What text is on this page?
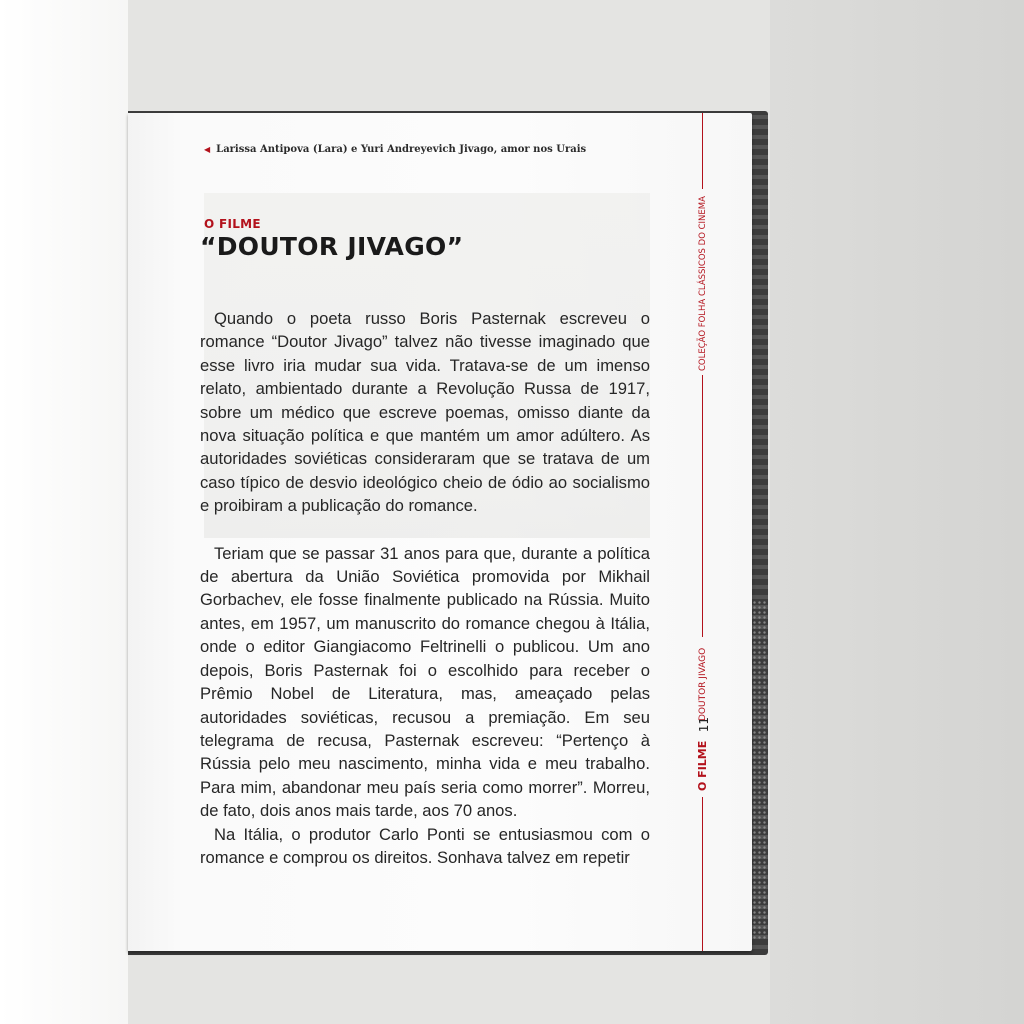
◀ Larissa Antipova (Lara) e Yuri Andreyevich Jivago, amor nos Urais
O FILME
“DOUTOR JIVAGO”

Quando o poeta russo Boris Pasternak escreveu o romance “Doutor Jivago” talvez não tivesse imaginado que esse livro iria mudar sua vida. Tratava-se de um imenso relato, ambientado durante a Revolução Russa de 1917, sobre um médico que escreve poemas, omisso diante da nova situação política e que mantém um amor adúltero. As autoridades soviéticas consideraram que se tratava de um caso típico de desvio ideológico cheio de ódio ao socialismo e proibiram a publicação do romance.

Teriam que se passar 31 anos para que, durante a política de abertura da União Soviética promovida por Mikhail Gorbachev, ele fosse finalmente publicado na Rússia. Muito antes, em 1957, um manuscrito do romance chegou à Itália, onde o editor Giangiacomo Feltrinelli o publicou. Um ano depois, Boris Pasternak foi o escolhido para receber o Prêmio Nobel de Literatura, mas, ameaçado pelas autoridades soviéticas, recusou a premiação. Em seu telegrama de recusa, Pasternak escreveu: “Pertenço à Rússia pelo meu nascimento, minha vida e meu trabalho. Para mim, abandonar meu país seria como morrer”. Morreu, de fato, dois anos mais tarde, aos 70 anos.

Na Itália, o produtor Carlo Ponti se entusiasmou com o romance e comprou os direitos. Sonhava talvez em repetir

COLEÇÃO FOLHA CLÁSSICOS DO CINEMA
DOUTOR JIVAGO
11
O FILME
